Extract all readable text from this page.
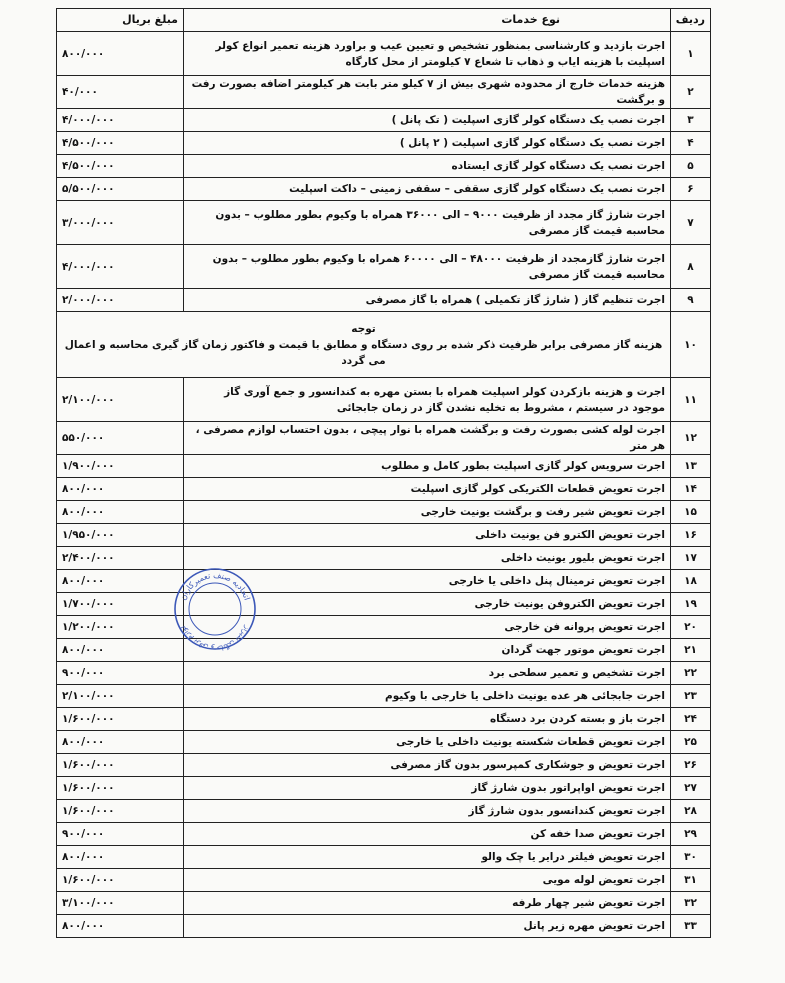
ردیف	نوع خدمات	مبلغ بریال
۱	اجرت بازدید و کارشناسی بمنظور تشخیص و تعیین عیب و براورد هزینه تعمیر انواع کولر اسپلیت با هزینه ایاب و ذهاب تا شعاع ۷ کیلومتر از محل کارگاه	۸۰۰/۰۰۰
۲	هزینه خدمات خارج از محدوده شهری بیش از ۷ کیلو متر بابت هر کیلومتر اضافه بصورت رفت و برگشت	۴۰/۰۰۰
۳	اجرت نصب یک دستگاه کولر گازی اسپلیت ( تک پانل )	۴/۰۰۰/۰۰۰
۴	اجرت نصب یک دستگاه کولر گازی اسپلیت ( ۲ پانل )	۴/۵۰۰/۰۰۰
۵	اجرت نصب یک دستگاه کولر گازی ایستاده	۴/۵۰۰/۰۰۰
۶	اجرت نصب یک دستگاه کولر گازی سقفی – سقفی زمینی – داکت اسپلیت	۵/۵۰۰/۰۰۰
۷	اجرت شارژ گاز مجدد از ظرفیت ۹۰۰۰ – الی ۳۶۰۰۰ همراه با وکیوم بطور مطلوب – بدون محاسبه قیمت گاز مصرفی	۳/۰۰۰/۰۰۰
۸	اجرت شارژ گازمجدد از ظرفیت ۴۸۰۰۰ – الی ۶۰۰۰۰ همراه با وکیوم بطور مطلوب – بدون محاسبه قیمت گاز مصرفی	۴/۰۰۰/۰۰۰
۹	اجرت تنظیم گاز ( شارژ گاز تکمیلی ) همراه با گاز مصرفی	۲/۰۰۰/۰۰۰
۱۰	توجه
هزینه گاز مصرفی برابر ظرفیت ذکر شده بر روی دستگاه و مطابق با قیمت و فاکتور زمان گاز گیری محاسبه و اعمال می گردد	

۱۱	اجرت و هزینه بازکردن کولر اسپلیت همراه با بستن مهره به کندانسور و جمع آوری گاز موجود در سیستم ، مشروط به تخلیه نشدن گاز در زمان جابجائی	۲/۱۰۰/۰۰۰
۱۲	اجرت لوله کشی بصورت رفت و برگشت همراه با نوار پیچی ، بدون احتساب لوازم مصرفی ، هر متر	۵۵۰/۰۰۰
۱۳	اجرت سرویس کولر گازی اسپلیت بطور کامل و مطلوب	۱/۹۰۰/۰۰۰
۱۴	اجرت تعویض قطعات الکتریکی کولر گازی اسپلیت	۸۰۰/۰۰۰
۱۵	اجرت تعویض شیر رفت و برگشت یونیت خارجی	۸۰۰/۰۰۰
۱۶	اجرت تعویض الکترو فن یونیت داخلی	۱/۹۵۰/۰۰۰
۱۷	اجرت تعویض بلیور یونیت داخلی	۲/۴۰۰/۰۰۰
۱۸	اجرت تعویض ترمینال پنل داخلی یا خارجی	۸۰۰/۰۰۰
۱۹	اجرت تعویض الکتروفن یونیت خارجی	۱/۷۰۰/۰۰۰
۲۰	اجرت تعویض پروانه فن خارجی	۱/۲۰۰/۰۰۰
۲۱	اجرت تعویض موتور جهت گردان	۸۰۰/۰۰۰
۲۲	اجرت تشخیص و تعمیر سطحی برد	۹۰۰/۰۰۰
۲۳	اجرت جابجائی هر عده یونیت داخلی یا خارجی با وکیوم	۲/۱۰۰/۰۰۰
۲۴	اجرت باز و بسته کردن برد دستگاه	۱/۶۰۰/۰۰۰
۲۵	اجرت تعویض قطعات شکسته یونیت داخلی یا خارجی	۸۰۰/۰۰۰
۲۶	اجرت تعویض و جوشکاری کمپرسور بدون گاز مصرفی	۱/۶۰۰/۰۰۰
۲۷	اجرت تعویض اواپراتور بدون شارژ گاز	۱/۶۰۰/۰۰۰
۲۸	اجرت تعویض کندانسور بدون شارژ گاز	۱/۶۰۰/۰۰۰
۲۹	اجرت تعویض صدا خفه کن	۹۰۰/۰۰۰
۳۰	اجرت تعویض فیلتر درایر یا چک والو	۸۰۰/۰۰۰
۳۱	اجرت تعویض لوله مویی	۱/۶۰۰/۰۰۰
۳۲	اجرت تعویض شیر چهار طرفه	۳/۱۰۰/۰۰۰
۳۳	اجرت تعویض مهره زیر پانل	۸۰۰/۰۰۰
اتحادیه صنف تعمیرکاران
لوازم برقی و خانگی شیراز
